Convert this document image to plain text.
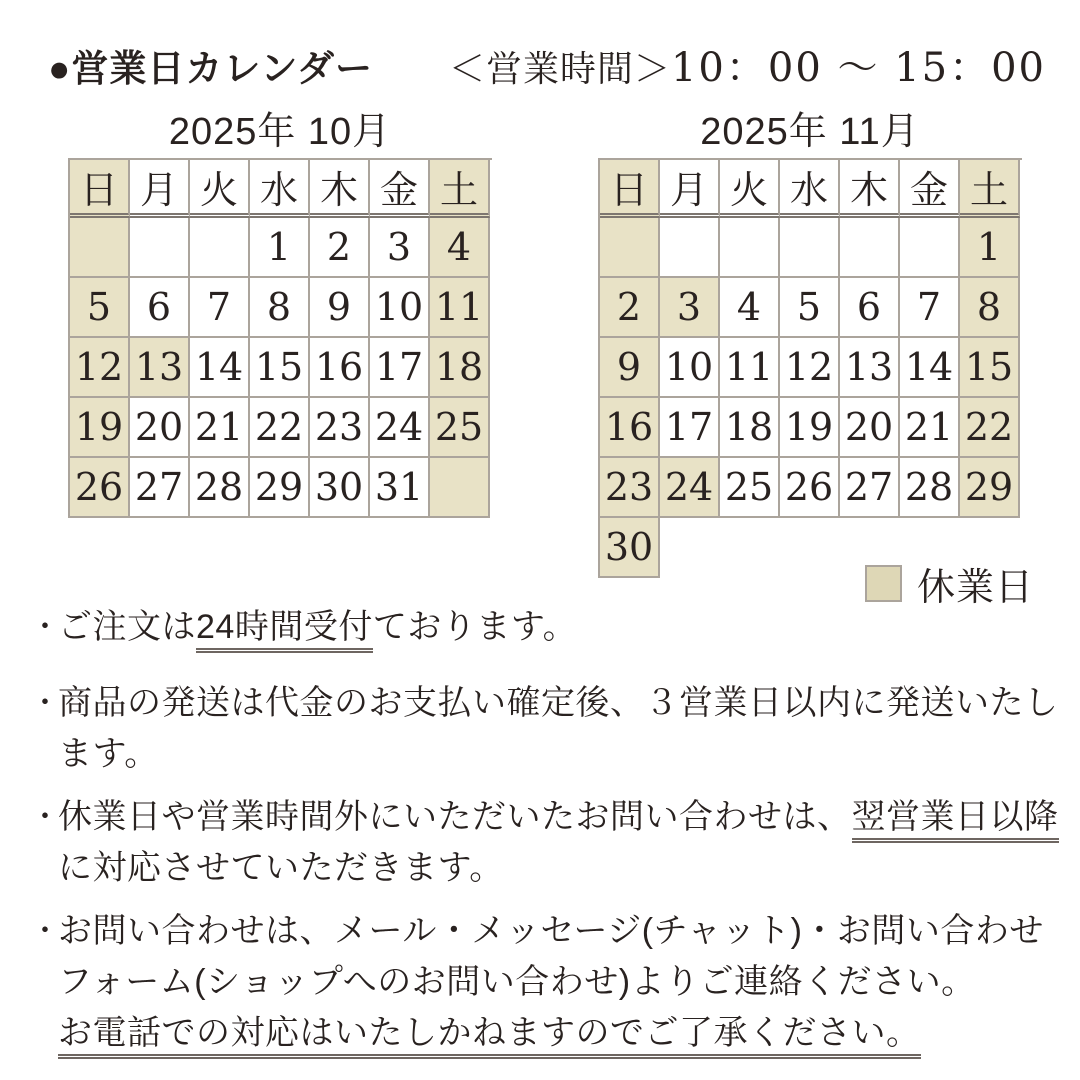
●営業日カレンダー ＜営業時間＞10：00 ～ 15：00
2025年 10月
日 月 火 水 木 金 土
1 2 3 4
5 6 7 8 9 10 11
12 13 14 15 16 17 18
19 20 21 22 23 24 25
26 27 28 29 30 31
2025年 11月
日 月 火 水 木 金 土
1
2 3 4 5 6 7 8
9 10 11 12 13 14 15
16 17 18 19 20 21 22
23 24 25 26 27 28 29
30
休業日
・
ご注文は24時間受付ております。
・
商品の発送は代金のお支払い確定後、３営業日以内に発送いたし
ます。
・
休業日や営業時間外にいただいたお問い合わせは、翌営業日以降
に対応させていただきます。
・
お問い合わせは、メール・メッセージ(チャット)・お問い合わせ
フォーム(ショップへのお問い合わせ)よりご連絡ください。
お電話での対応はいたしかねますのでご了承ください。
